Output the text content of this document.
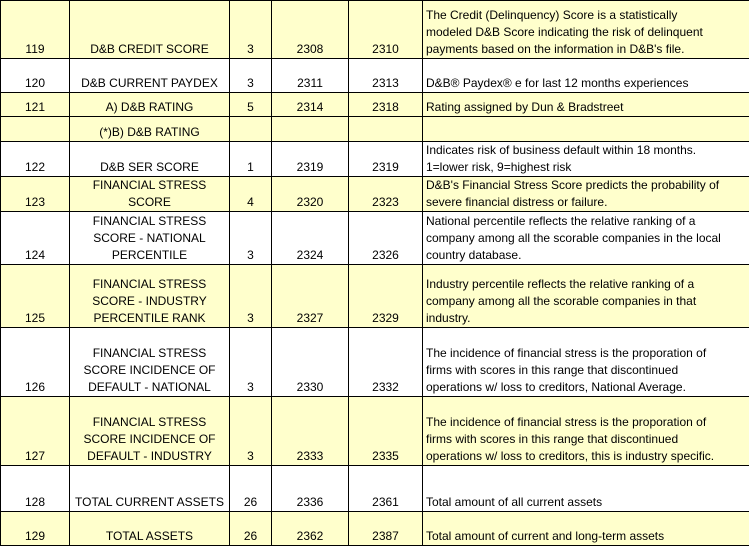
119	D&B CREDIT SCORE	3	2308	2310	The Credit (Delinquency) Score is a statistically
modeled D&B Score indicating the risk of delinquent
payments based on the information in D&B's file.
120	D&B CURRENT PAYDEX	3	2311	2313	D&B® Paydex® e for last 12 months experiences
121	A) D&B RATING	5	2314	2318	Rating assigned by Dun & Bradstreet
	(*)B) D&B RATING				
122	D&B SER SCORE	1	2319	2319	Indicates risk of business default within 18 months.
1=lower risk, 9=highest risk
123	FINANCIAL STRESS SCORE	4	2320	2323	D&B's Financial Stress Score predicts the probability of
severe financial distress or failure.
124	FINANCIAL STRESS SCORE - NATIONAL PERCENTILE	3	2324	2326	National percentile reflects the relative ranking of a
company among all the scorable companies in the local
country database.
125	FINANCIAL STRESS SCORE - INDUSTRY PERCENTILE RANK	3	2327	2329	Industry percentile reflects the relative ranking of a
company among all the scorable companies in that
industry.
126	FINANCIAL STRESS SCORE INCIDENCE OF DEFAULT - NATIONAL	3	2330	2332	The incidence of financial stress is the proporation of
firms with scores in this range that discontinued
operations w/ loss to creditors, National Average.
127	FINANCIAL STRESS SCORE INCIDENCE OF DEFAULT - INDUSTRY	3	2333	2335	The incidence of financial stress is the proporation of
firms with scores in this range that discontinued
operations w/ loss to creditors, this is industry specific.
128	TOTAL CURRENT ASSETS	26	2336	2361	Total amount of all current assets
129	TOTAL ASSETS	26	2362	2387	Total amount of current and long-term assets
